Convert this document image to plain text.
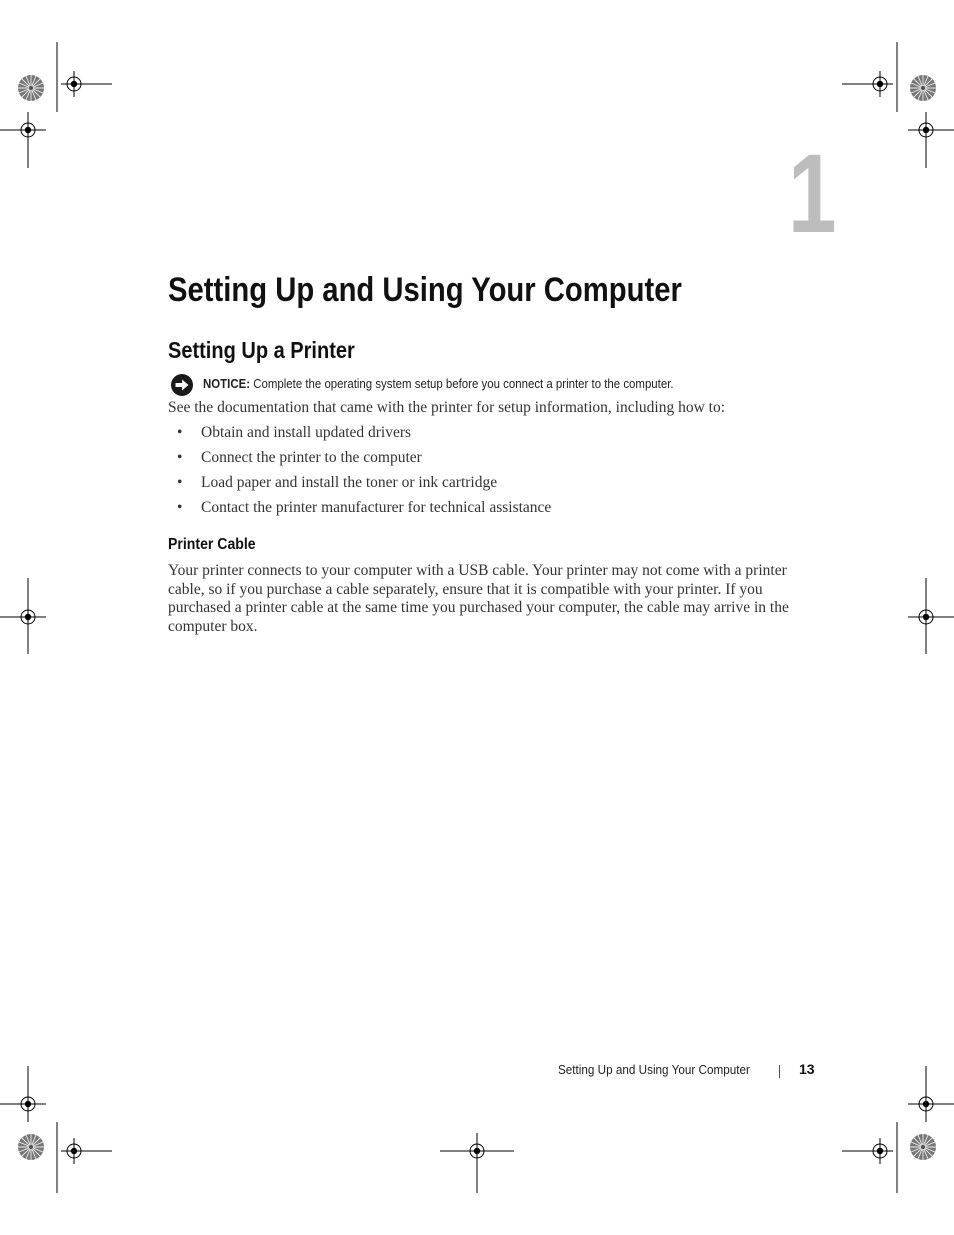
1
Setting Up and Using Your Computer
Setting Up a Printer
NOTICE: Complete the operating system setup before you connect a printer to the computer.

See the documentation that came with the printer for setup information, including how to:

• Obtain and install updated drivers
• Connect the printer to the computer
• Load paper and install the toner or ink cartridge
• Contact the printer manufacturer for technical assistance
Printer Cable

Your printer connects to your computer with a USB cable. Your printer may not come with a printer cable, so if you purchase a cable separately, ensure that it is compatible with your printer. If you purchased a printer cable at the same time you purchased your computer, the cable may arrive in the computer box.

Setting Up and Using Your Computer	13
